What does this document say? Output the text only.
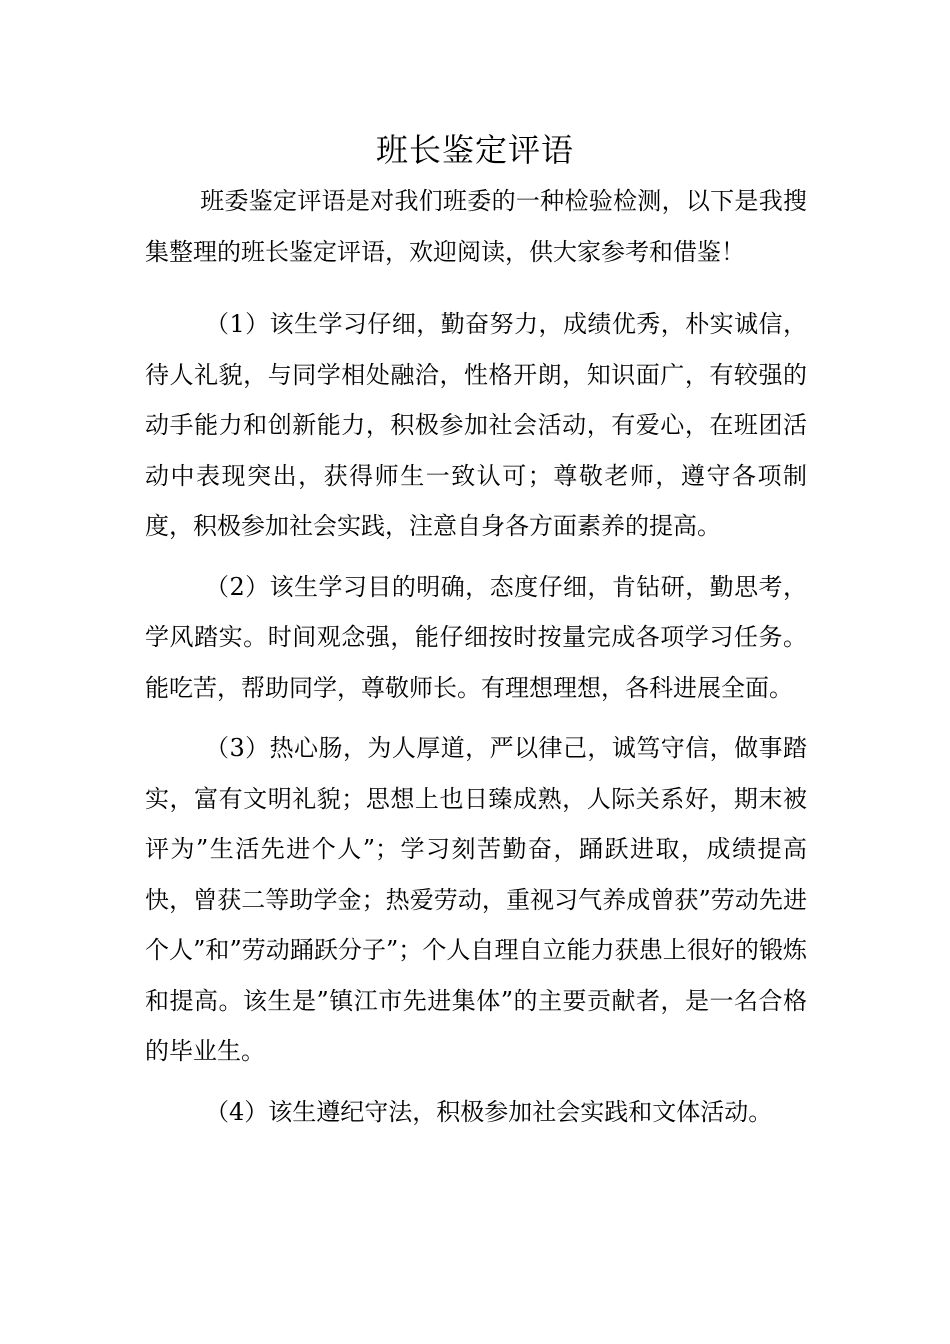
班长鉴定评语

班委鉴定评语是对我们班委的一种检验检测，以下是我搜集整理的班长鉴定评语，欢迎阅读，供大家参考和借鉴！

（1）该生学习仔细，勤奋努力，成绩优秀，朴实诚信，待人礼貌，与同学相处融洽，性格开朗，知识面广，有较强的动手能力和创新能力，积极参加社会活动，有爱心，在班团活动中表现突出，获得师生一致认可；尊敬老师，遵守各项制度，积极参加社会实践，注意自身各方面素养的提高。

（2）该生学习目的明确，态度仔细，肯钻研，勤思考，学风踏实。时间观念强，能仔细按时按量完成各项学习任务。能吃苦，帮助同学，尊敬师长。有理想理想，各科进展全面。

（3）热心肠，为人厚道，严以律己，诚笃守信，做事踏实，富有文明礼貌；思想上也日臻成熟，人际关系好，期末被评为”生活先进个人”；学习刻苦勤奋，踊跃进取，成绩提高快，曾获二等助学金；热爱劳动，重视习气养成曾获”劳动先进个人”和”劳动踊跃分子”；个人自理自立能力获患上很好的锻炼和提高。该生是”镇江市先进集体”的主要贡献者，是一名合格的毕业生。

（4）该生遵纪守法，积极参加社会实践和文体活动。
